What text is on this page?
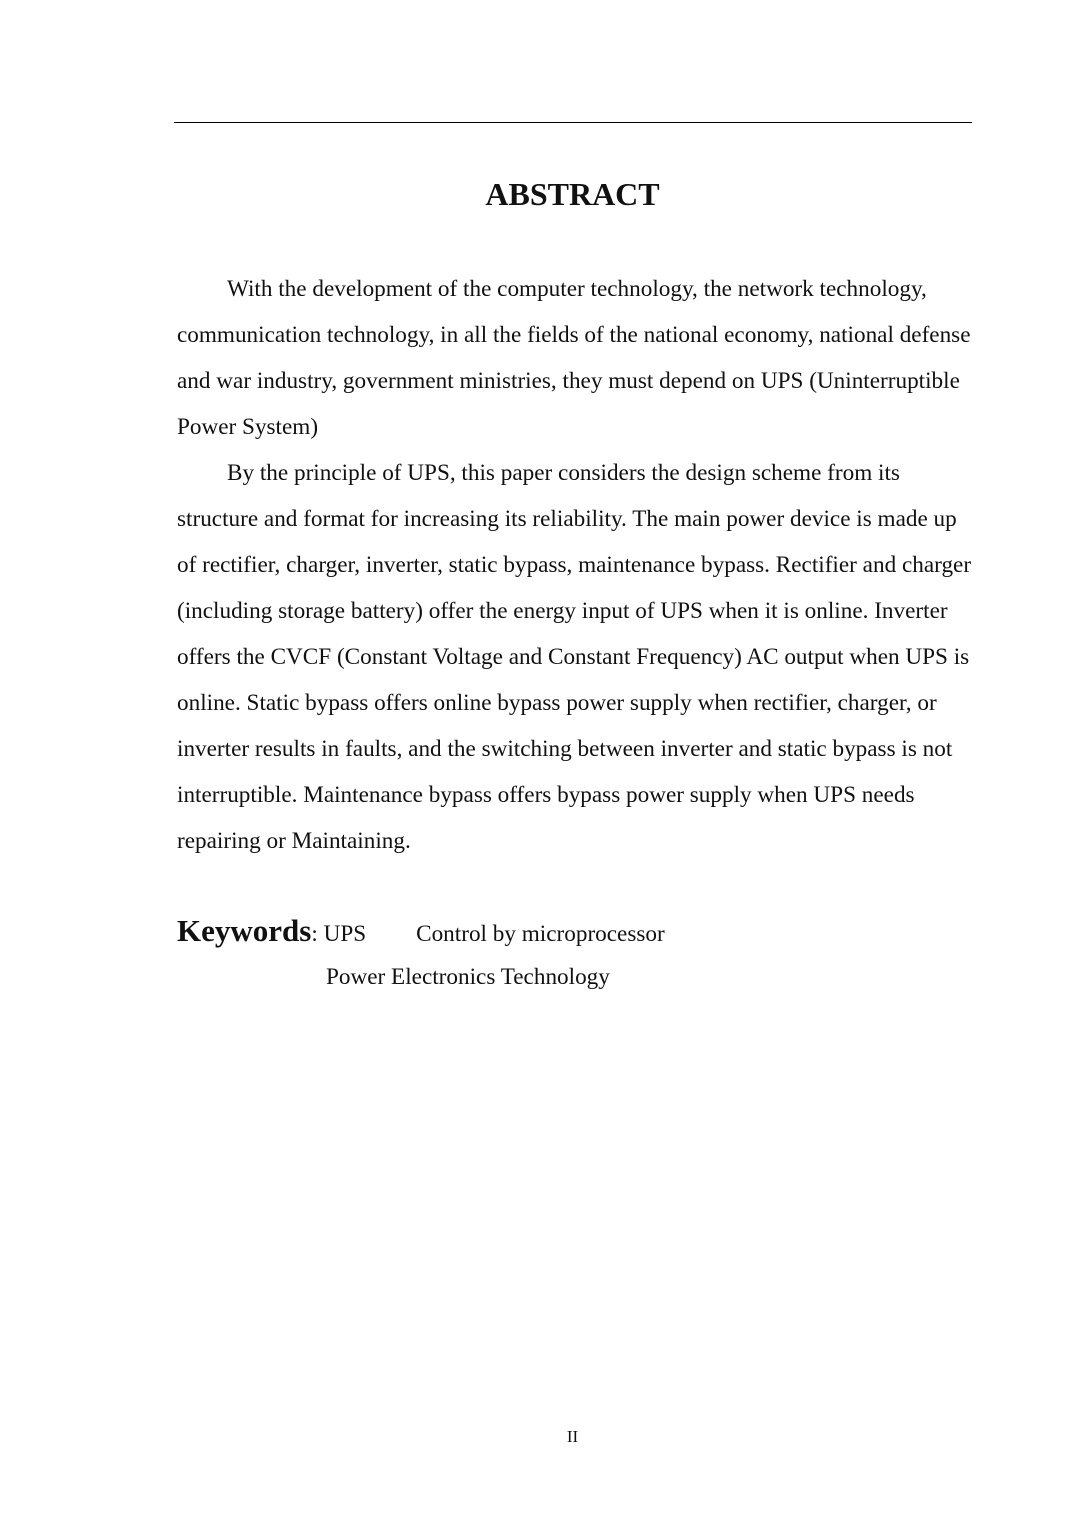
ABSTRACT

With the development of the computer technology, the network technology, communication technology, in all the fields of the national economy, national defense and war industry, government ministries, they must depend on UPS (Uninterruptible Power System)

By the principle of UPS, this paper considers the design scheme from its structure and format for increasing its reliability. The main power device is made up of rectifier, charger, inverter, static bypass, maintenance bypass. Rectifier and charger (including storage battery) offer the energy input of UPS when it is online. Inverter offers the CVCF (Constant Voltage and Constant Frequency) AC output when UPS is online. Static bypass offers online bypass power supply when rectifier, charger, or inverter results in faults, and the switching between inverter and static bypass is not interruptible. Maintenance bypass offers bypass power supply when UPS needs repairing or Maintaining.

Keywords: UPS Control by microprocessor
Power Electronics Technology
II
